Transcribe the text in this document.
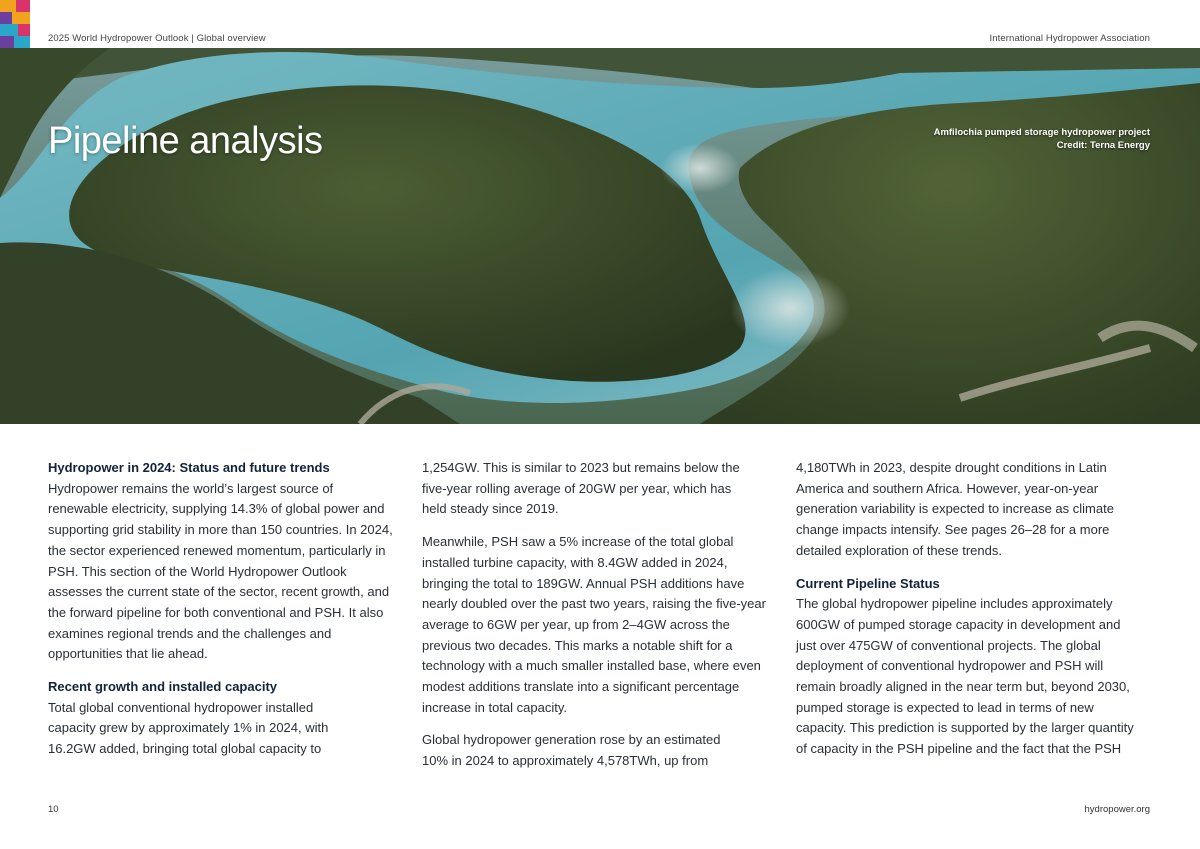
2025 World Hydropower Outlook | Global overview	International Hydropower Association
Pipeline analysis	Amfilochia pumped storage hydropower project
Credit: Terna Energy
Hydropower in 2024: Status and future trends

Hydropower remains the world’s largest source of renewable electricity, supplying 14.3% of global power and supporting grid stability in more than 150 countries. In 2024, the sector experienced renewed momentum, particularly in PSH. This section of the World Hydropower Outlook assesses the current state of the sector, recent growth, and the forward pipeline for both conventional and PSH. It also examines regional trends and the challenges and opportunities that lie ahead.

Recent growth and installed capacity

Total global conventional hydropower installed
capacity grew by approximately 1% in 2024, with
16.2GW added, bringing total global capacity to

1,254GW. This is similar to 2023 but remains below the
five-year rolling average of 20GW per year, which has
held steady since 2019.

Meanwhile, PSH saw a 5% increase of the total global installed turbine capacity, with 8.4GW added in 2024, bringing the total to 189GW. Annual PSH additions have nearly doubled over the past two years, raising the five-year average to 6GW per year, up from 2–4GW across the previous two decades. This marks a notable shift for a technology with a much smaller installed base, where even modest additions translate into a significant percentage increase in total capacity.

Global hydropower generation rose by an estimated
10% in 2024 to approximately 4,578TWh, up from

4,180TWh in 2023, despite drought conditions in Latin
America and southern Africa. However, year-on-year
generation variability is expected to increase as climate
change impacts intensify. See pages 26–28 for a more
detailed exploration of these trends.

Current Pipeline Status

The global hydropower pipeline includes approximately 600GW of pumped storage capacity in development and just over 475GW of conventional projects. The global deployment of conventional hydropower and PSH will remain broadly aligned in the near term but, beyond 2030, pumped storage is expected to lead in terms of new capacity. This prediction is supported by the larger quantity of capacity in the PSH pipeline and the fact that the PSH

10	hydropower.org
